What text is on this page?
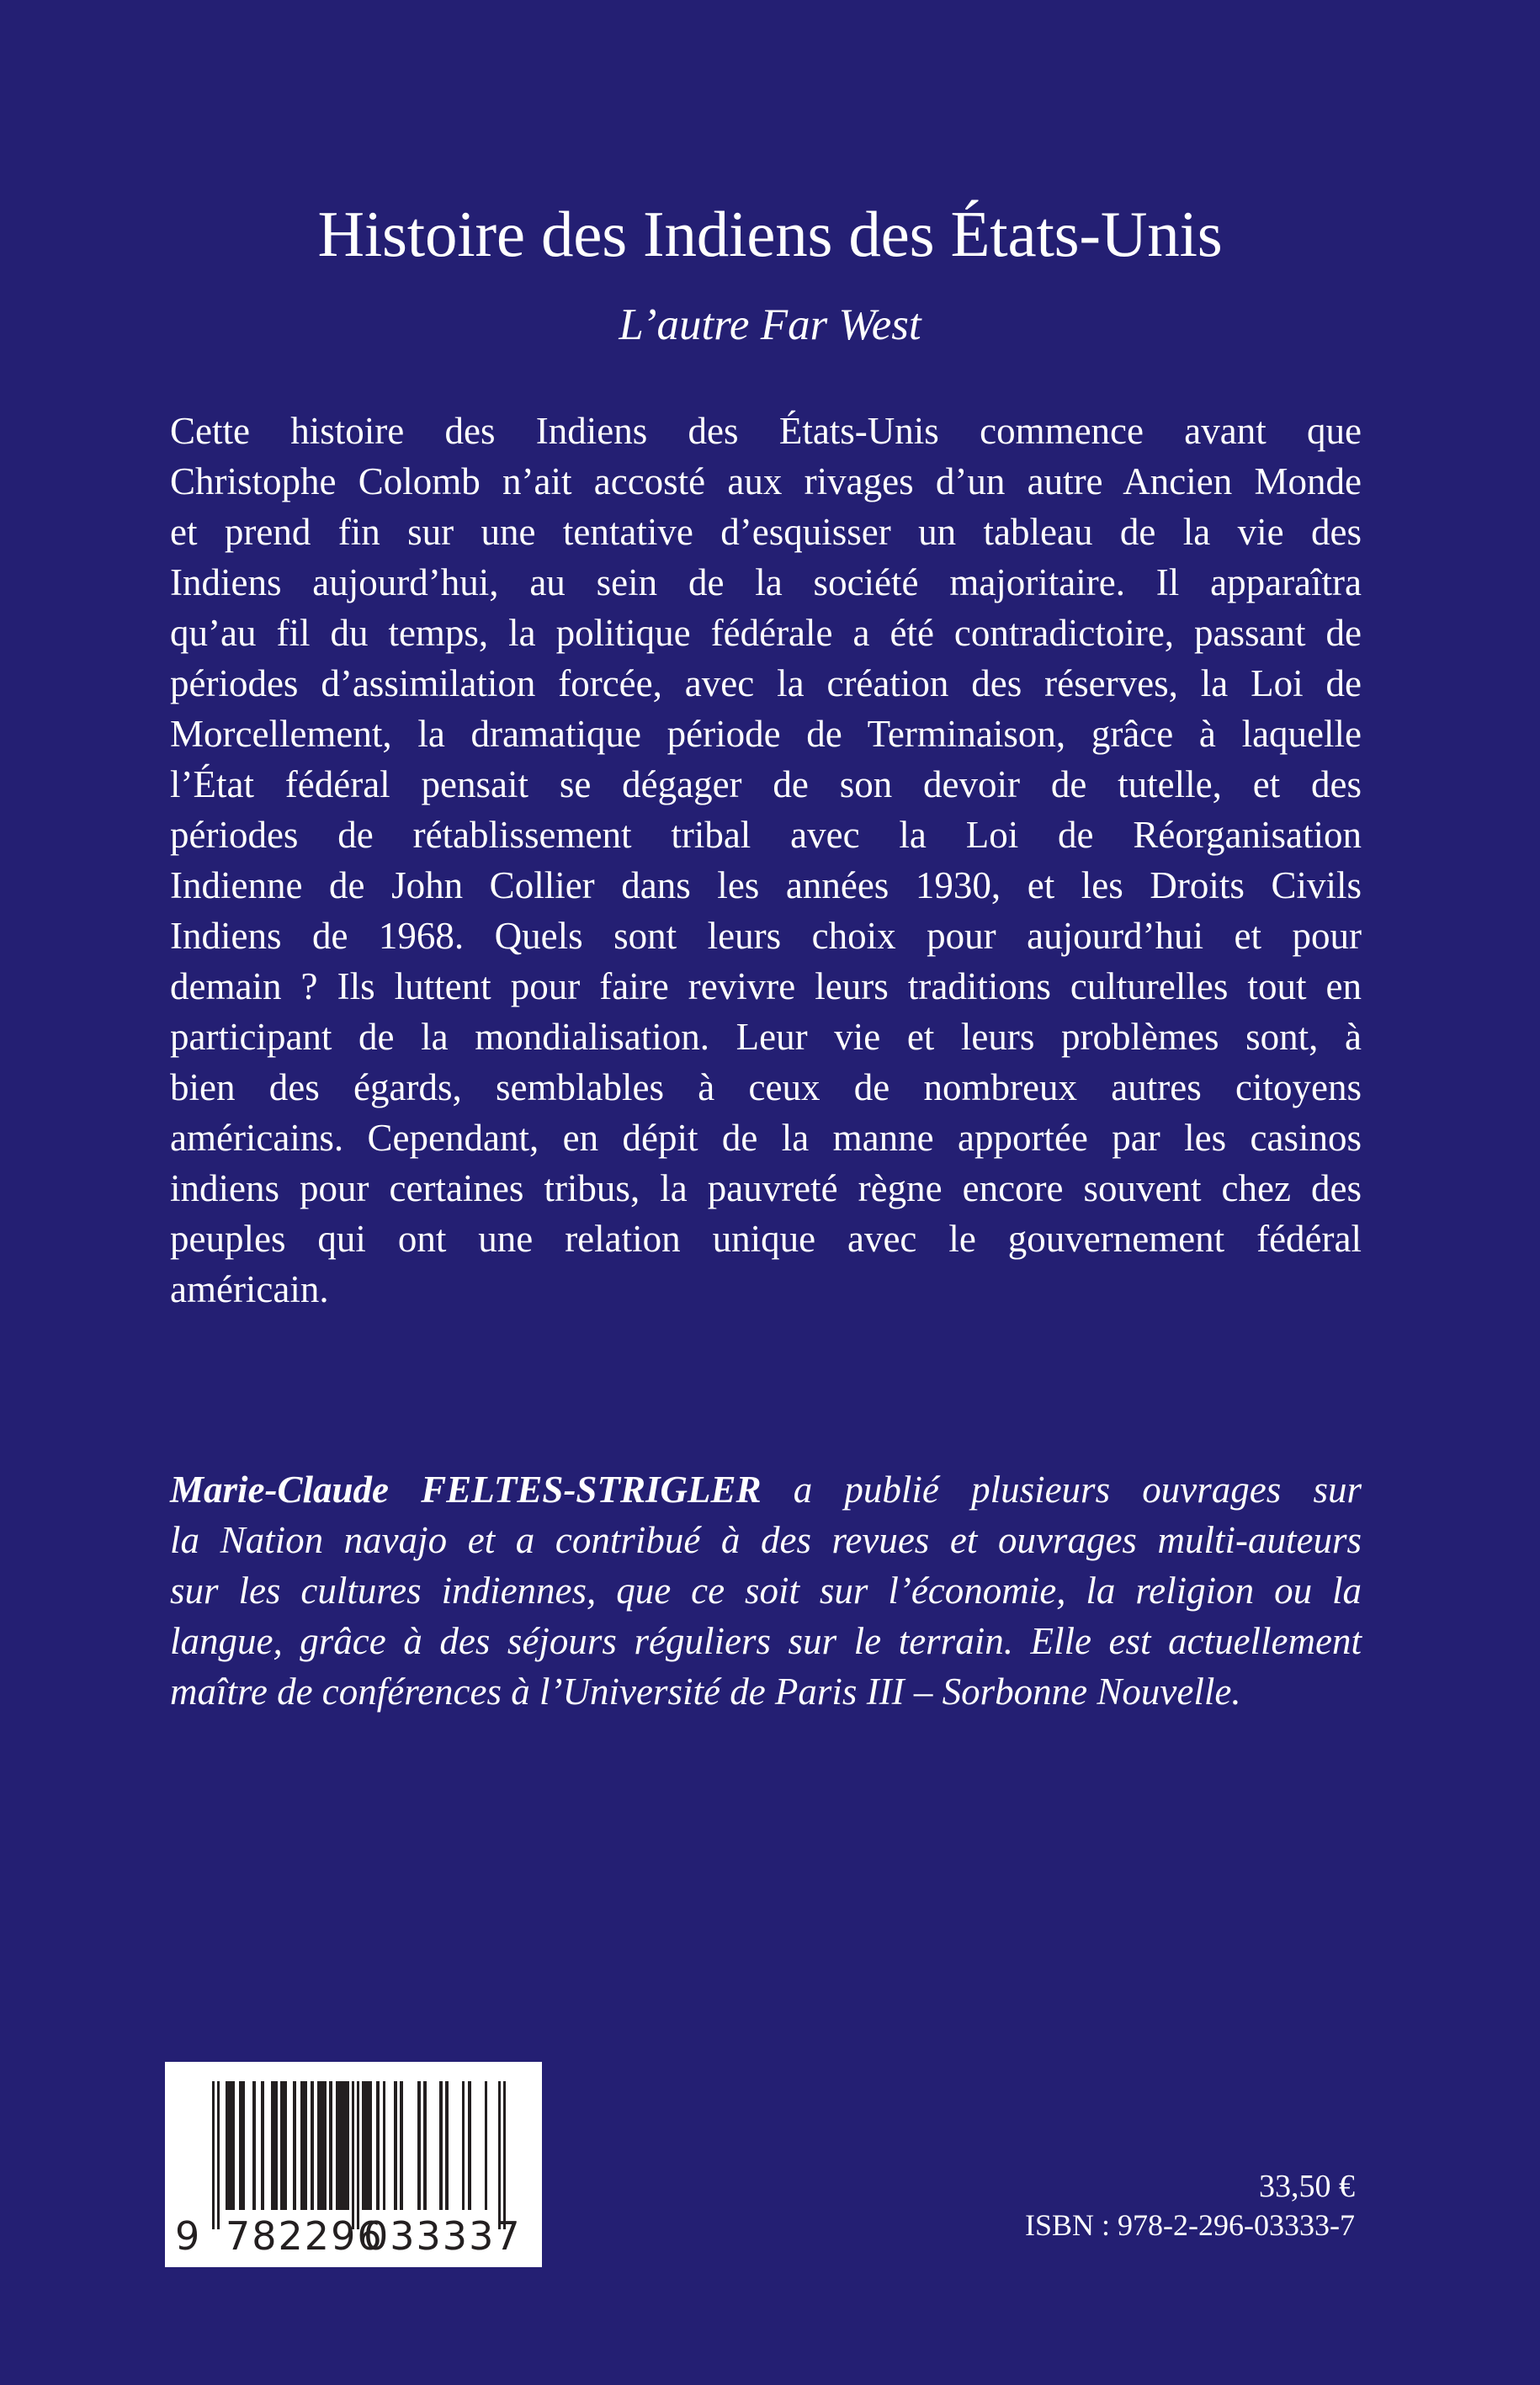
Histoire des Indiens des États-Unis
L’autre Far West
Cette histoire des Indiens des États-Unis commence avant que
Christophe Colomb n’ait accosté aux rivages d’un autre Ancien Monde
et prend fin sur une tentative d’esquisser un tableau de la vie des
Indiens aujourd’hui, au sein de la société majoritaire. Il apparaîtra
qu’au fil du temps, la politique fédérale a été contradictoire, passant de
périodes d’assimilation forcée, avec la création des réserves, la Loi de
Morcellement, la dramatique période de Terminaison, grâce à laquelle
l’État fédéral pensait se dégager de son devoir de tutelle, et des
périodes de rétablissement tribal avec la Loi de Réorganisation
Indienne de John Collier dans les années 1930, et les Droits Civils
Indiens de 1968. Quels sont leurs choix pour aujourd’hui et pour
demain ? Ils luttent pour faire revivre leurs traditions culturelles tout en
participant de la mondialisation. Leur vie et leurs problèmes sont, à
bien des égards, semblables à ceux de nombreux autres citoyens
américains. Cependant, en dépit de la manne apportée par les casinos
indiens pour certaines tribus, la pauvreté règne encore souvent chez des
peuples qui ont une relation unique avec le gouvernement fédéral
américain.
Marie-Claude FELTES-STRIGLER a publié plusieurs ouvrages sur
la Nation navajo et a contribué à des revues et ouvrages multi-auteurs
sur les cultures indiennes, que ce soit sur l’économie, la religion ou la
langue, grâce à des séjours réguliers sur le terrain. Elle est actuellement
maître de conférences à l’Université de Paris III – Sorbonne Nouvelle.
9 782296
033337
33,50 €
ISBN : 978-2-296-03333-7
